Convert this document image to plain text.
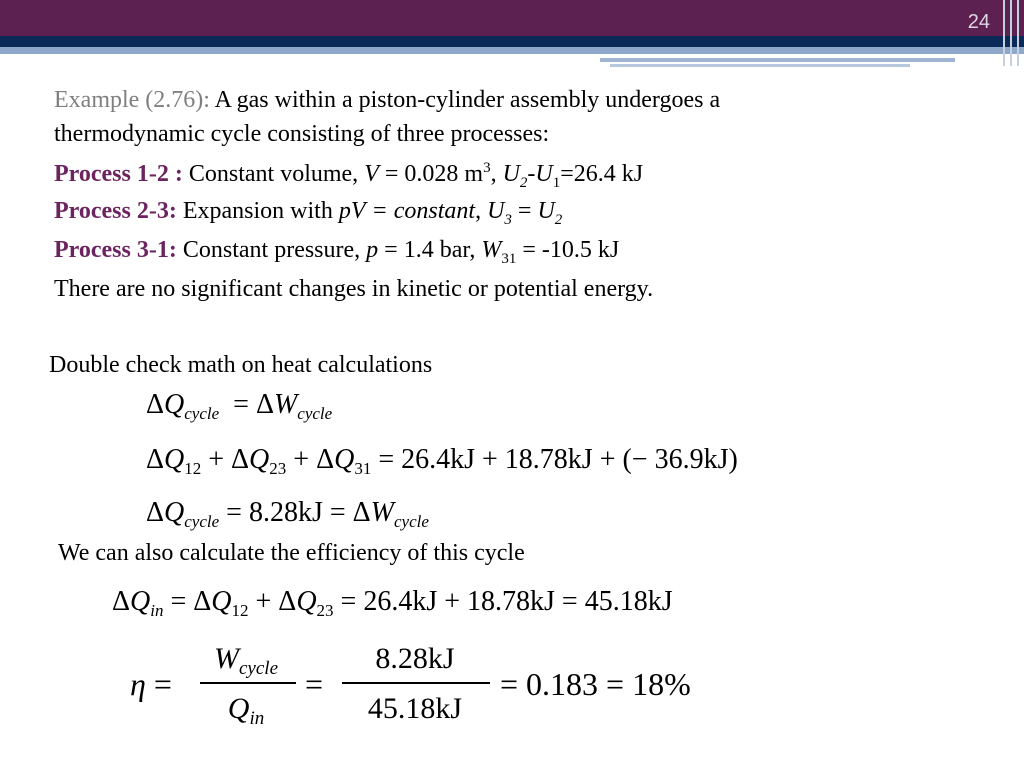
24
Example (2.76): A gas within a piston-cylinder assembly undergoes a
thermodynamic cycle consisting of three processes:
Process 1-2 : Constant volume, V = 0.028 $m^3$, $U_2-U_1=26.4$ kJ
Process 2-3: Expansion with pV = constant, $U_3 = U_2$
Process 3-1: Constant pressure, p = 1.4 bar, $W_{31} = -10.5$ kJ
There are no significant changes in kinetic or potential energy.
Double check math on heat calculations
$\Delta Q_{cycle} = \Delta W_{cycle}$
$\Delta Q_{12} + \Delta Q_{23} + \Delta Q_{31} = 26.4kJ + 18.78kJ$ + (− 36.9kJ)
$\Delta Q_{cycle} = 8.28kJ = \Delta W_{cycle}$
We can also calculate the efficiency of this cycle
$\Delta Q_{in} = \Delta Q_{12} + \Delta Q_{23} = 26.4kJ + 18.78kJ = 45.18kJ$
η =
$W_{cycle}$
$Q_{in}$
=
8.28kJ
45.18kJ
= 0.183 = 18%
